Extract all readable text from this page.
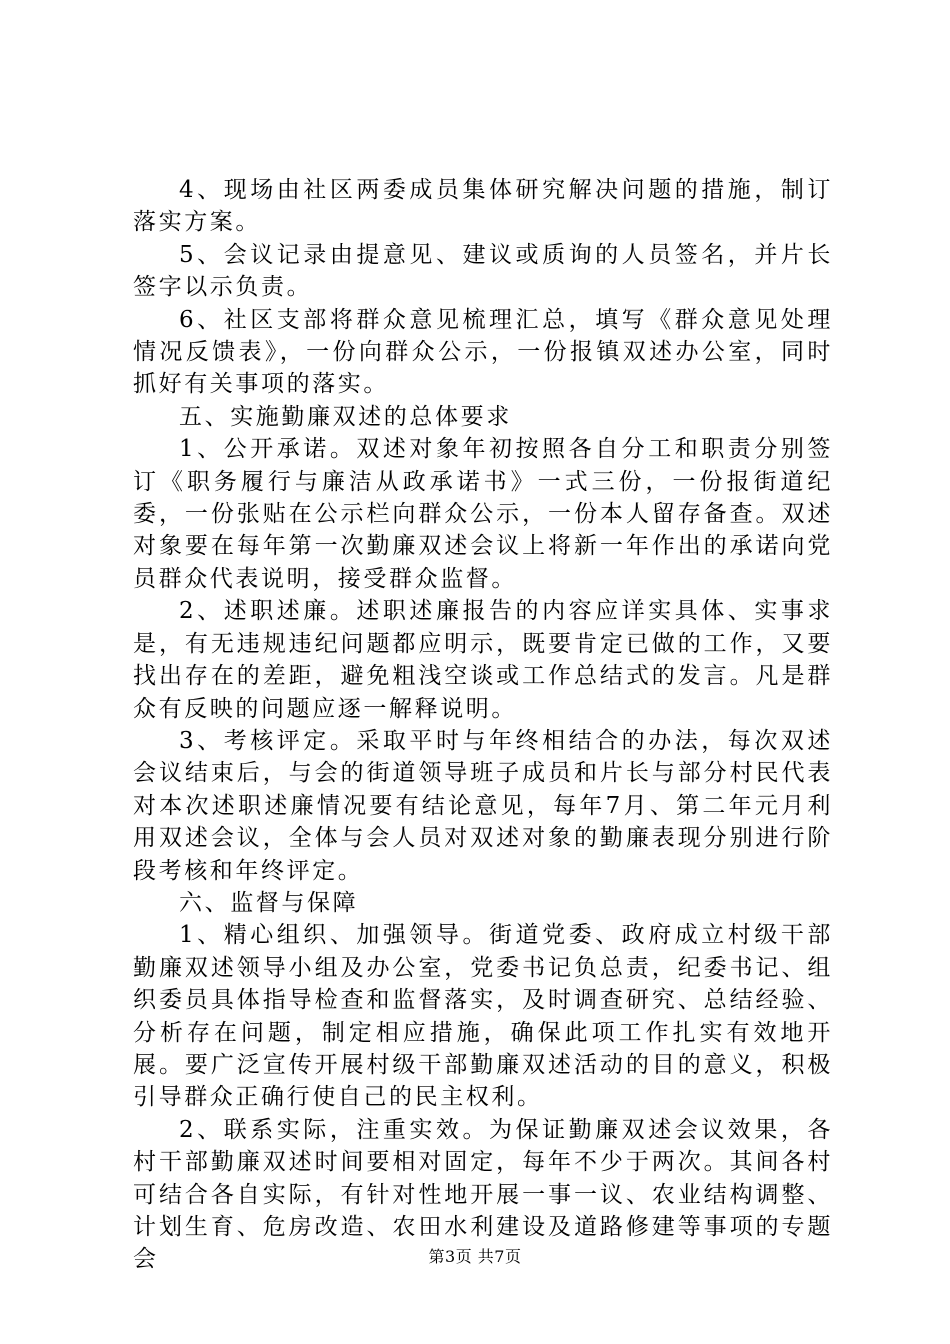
4、现场由社区两委成员集体研究解决问题的措施，制订落实方案。

5、会议记录由提意见、建议或质询的人员签名，并片长签字以示负责。

6、社区支部将群众意见梳理汇总，填写《群众意见处理情况反馈表》，一份向群众公示，一份报镇双述办公室，同时抓好有关事项的落实。

五、实施勤廉双述的总体要求

1、公开承诺。双述对象年初按照各自分工和职责分别签订《职务履行与廉洁从政承诺书》一式三份，一份报街道纪委，一份张贴在公示栏向群众公示，一份本人留存备查。双述对象要在每年第一次勤廉双述会议上将新一年作出的承诺向党员群众代表说明，接受群众监督。

2、述职述廉。述职述廉报告的内容应详实具体、实事求是，有无违规违纪问题都应明示，既要肯定已做的工作，又要找出存在的差距，避免粗浅空谈或工作总结式的发言。凡是群众有反映的问题应逐一解释说明。

3、考核评定。采取平时与年终相结合的办法，每次双述会议结束后，与会的街道领导班子成员和片长与部分村民代表对本次述职述廉情况要有结论意见，每年7月、第二年元月利用双述会议，全体与会人员对双述对象的勤廉表现分别进行阶段考核和年终评定。

六、监督与保障

1、精心组织、加强领导。街道党委、政府成立村级干部勤廉双述领导小组及办公室，党委书记负总责，纪委书记、组织委员具体指导检查和监督落实，及时调查研究、总结经验、分析存在问题，制定相应措施，确保此项工作扎实有效地开展。要广泛宣传开展村级干部勤廉双述活动的目的意义，积极引导群众正确行使自己的民主权利。

2、联系实际，注重实效。为保证勤廉双述会议效果，各村干部勤廉双述时间要相对固定，每年不少于两次。其间各村可结合各自实际，有针对性地开展一事一议、农业结构调整、计划生育、危房改造、农田水利建设及道路修建等事项的专题会	第3页 共7页
